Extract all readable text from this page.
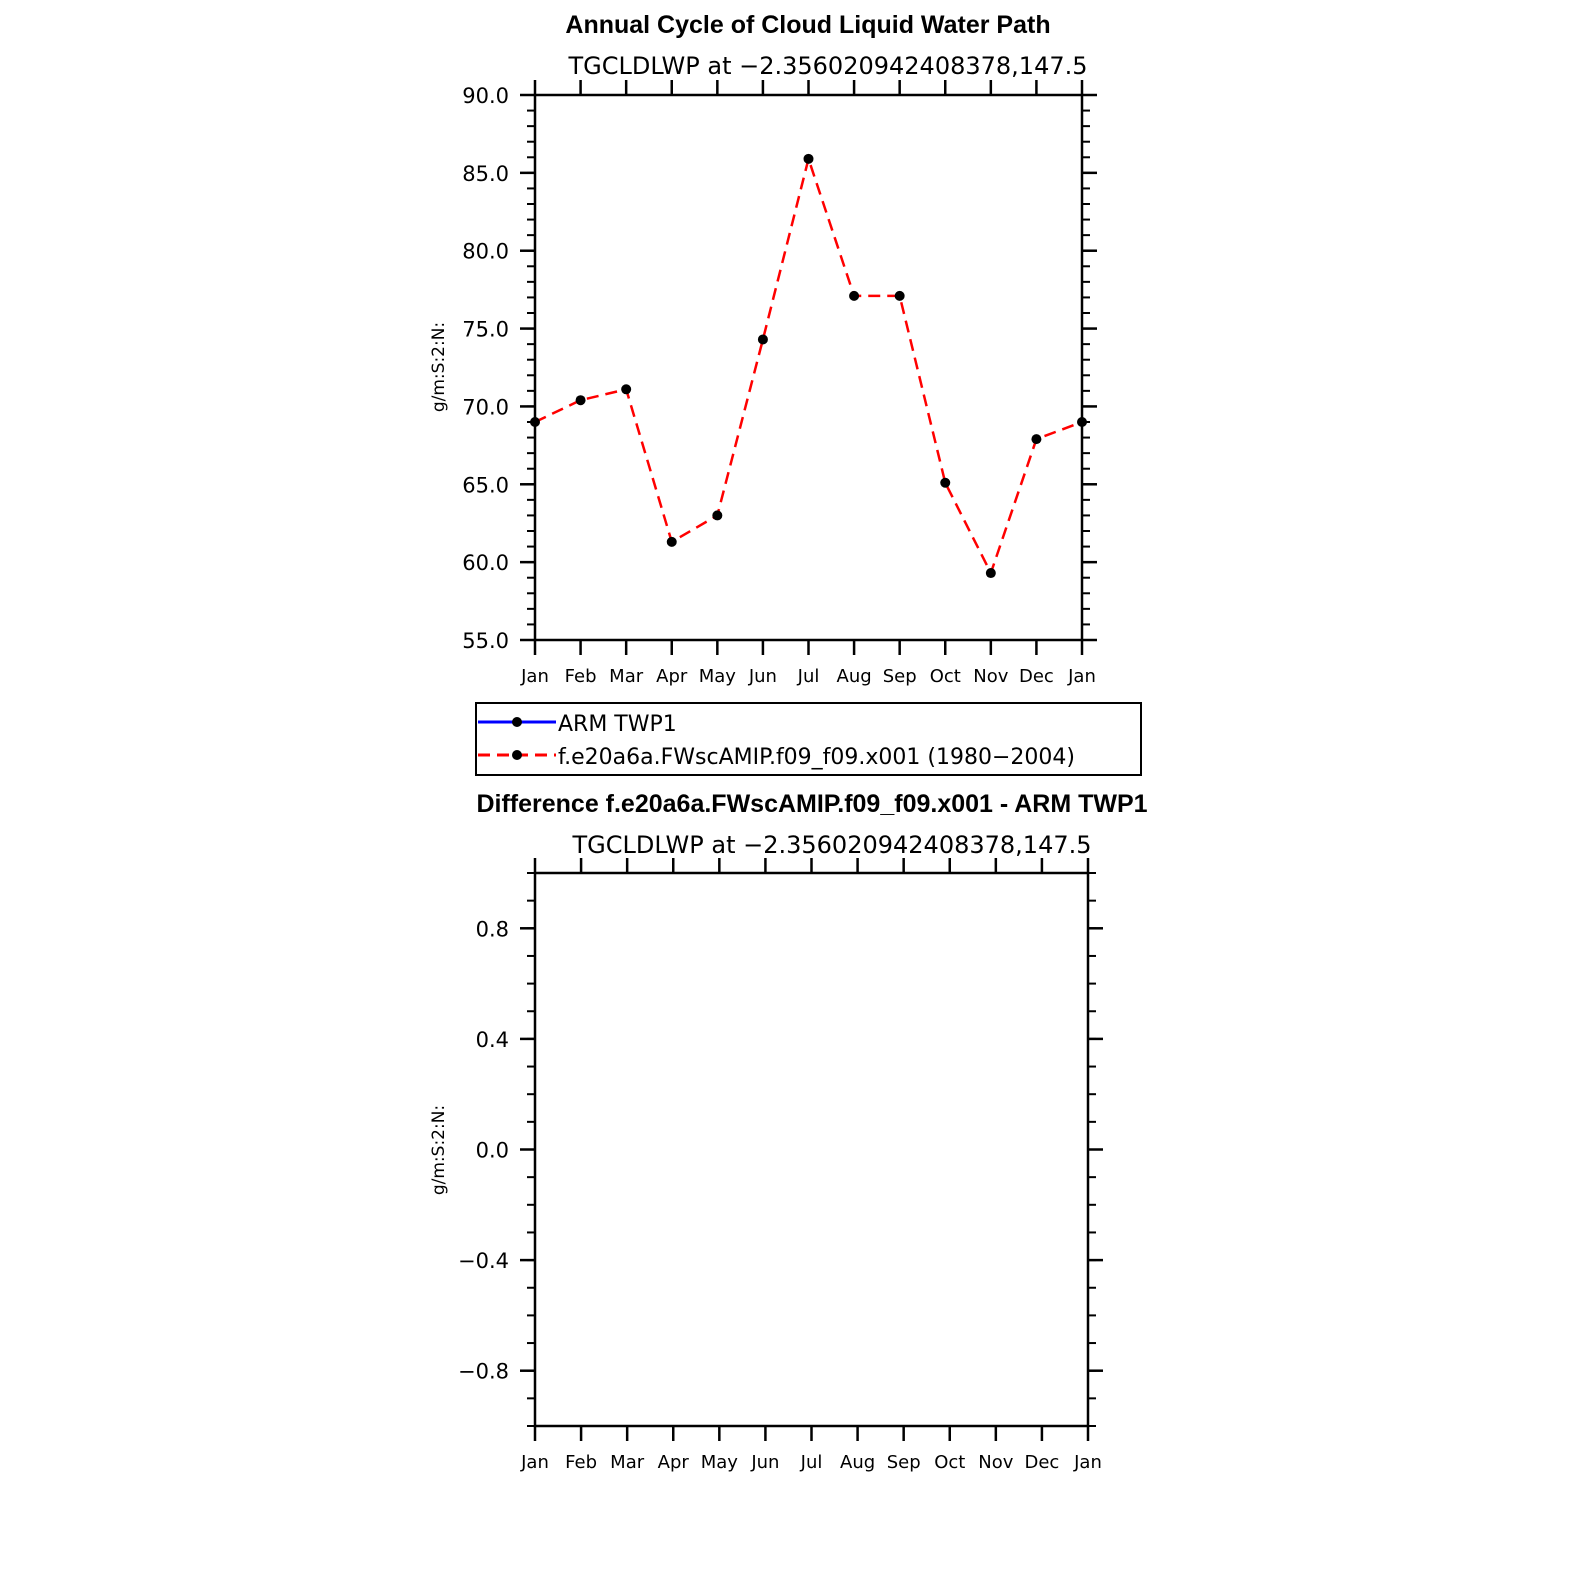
Annual Cycle of Cloud Liquid Water Path
TGCLDLWP at −2.356020942408378,147.5
g/m:S:2:N:
55.0
60.0
65.0
70.0
75.0
80.0
85.0
90.0
Jan Feb Mar Apr May Jun Jul Aug Sep Oct Nov Dec Jan
ARM TWP1
f.e20a6a.FWscAMIP.f09_f09.x001 (1980−2004)
Difference f.e20a6a.FWscAMIP.f09_f09.x001 - ARM TWP1
TGCLDLWP at −2.356020942408378,147.5
g/m:S:2:N:
−0.8
−0.4
0.0
0.4
0.8
Jan Feb Mar Apr May Jun Jul Aug Sep Oct Nov Dec Jan
